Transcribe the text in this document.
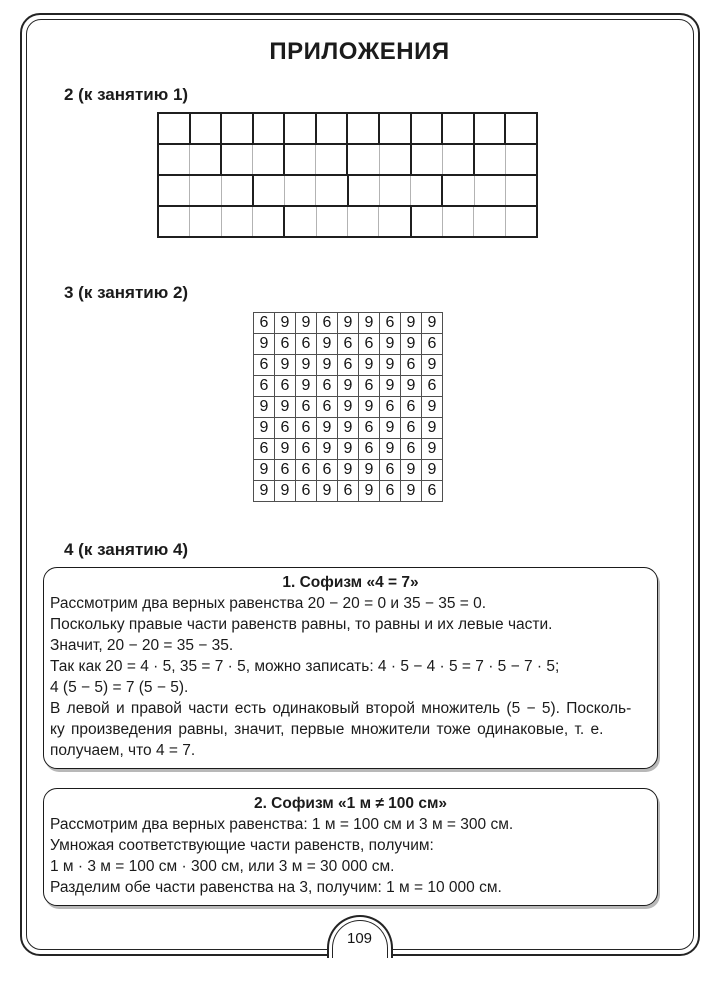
ПРИЛОЖЕНИЯ
2 (к занятию 1)
3 (к занятию 2)
6 9 9 6 9 9 6 9 9
9 6 6 9 6 6 9 9 6
6 9 9 9 6 9 9 6 9
6 6 9 6 9 6 9 9 6
9 9 6 6 9 9 6 6 9
9 6 6 9 9 6 9 6 9
6 9 6 9 9 6 9 6 9
9 6 6 6 9 9 6 9 9
9 9 6 9 6 9 6 9 6
4 (к занятию 4)
1. Софизм «4 = 7»
Рассмотрим два верных равенства 20 − 20 = 0 и 35 − 35 = 0.
Поскольку правые части равенств равны, то равны и их левые части.
Значит, 20 − 20 = 35 − 35.
Так как 20 = 4 · 5, 35 = 7 · 5, можно записать: 4 · 5 − 4 · 5 = 7 · 5 − 7 · 5;
4 (5 − 5) = 7 (5 − 5).
В левой и правой части есть одинаковый второй множитель (5 − 5). Посколь-
ку произведения равны, значит, первые множители тоже одинаковые, т. е.
получаем, что 4 = 7.
2. Софизм «1 м ≠ 100 см»
Рассмотрим два верных равенства: 1 м = 100 см и 3 м = 300 см.
Умножая соответствующие части равенств, получим:
1 м · 3 м = 100 см · 300 см, или 3 м = 30 000 см.
Разделим обе части равенства на 3, получим: 1 м = 10 000 см.
109
